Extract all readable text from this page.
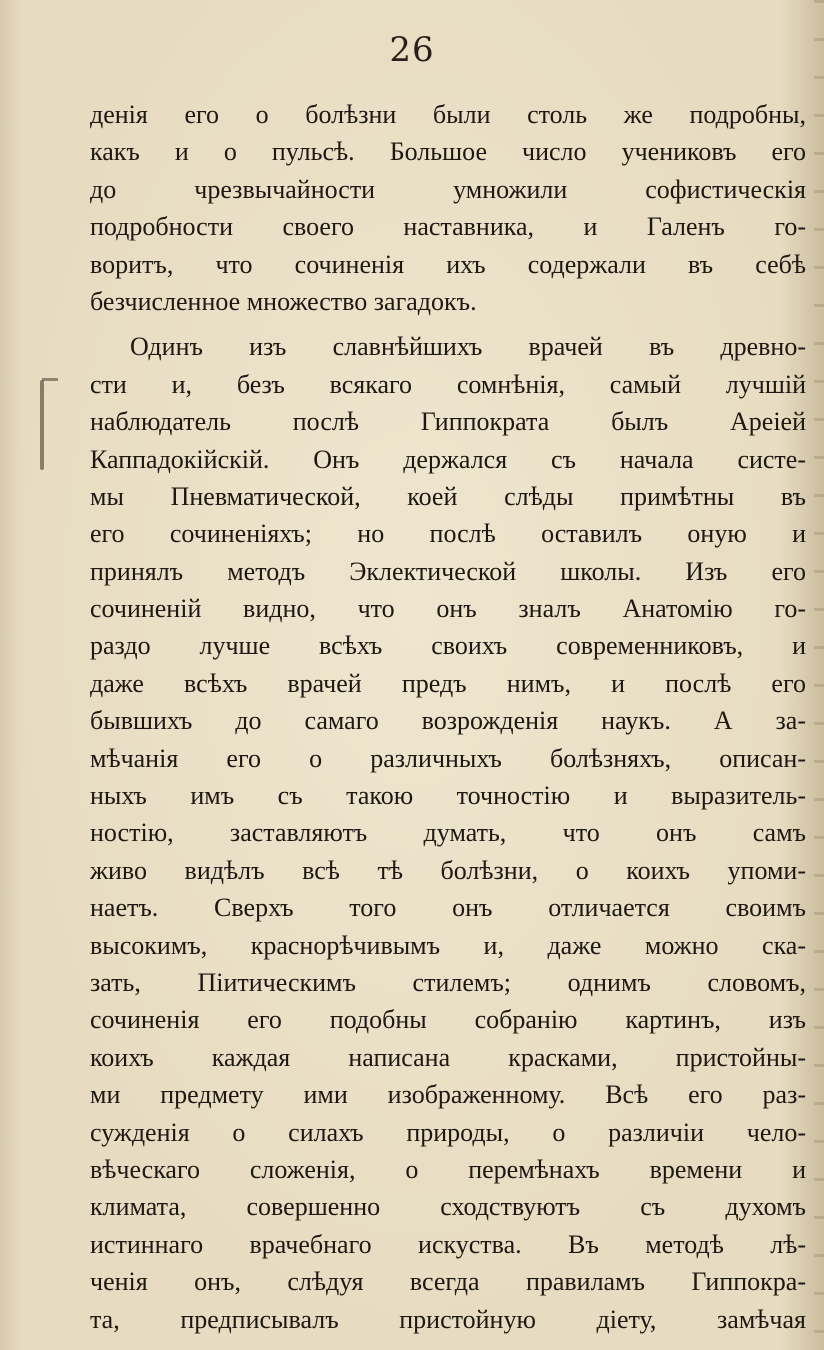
26
денія его о болѣзни были столь же подробны,
какъ и о пульсѣ. Большое число учениковъ его
до чрезвычайности умножили софистическія
подробности своего наставника, и Галенъ го-
воритъ, что сочиненія ихъ содержали въ себѣ
безчисленное множество загадокъ.
Одинъ изъ славнѣйшихъ врачей въ древно-
сти и, безъ всякаго сомнѣнія, самый лучшій
наблюдатель послѣ Гиппократа былъ Ареіей
Каппадокійскій. Онъ держался съ начала систе-
мы Пневматической, коей слѣды примѣтны въ
его сочиненіяхъ; но послѣ оставилъ оную и
принялъ методъ Эклектической школы. Изъ его
сочиненій видно, что онъ зналъ Анатомію го-
раздо лучше всѣхъ своихъ современниковъ, и
даже всѣхъ врачей предъ нимъ, и послѣ его
бывшихъ до самаго возрожденія наукъ. А за-
мѣчанія его о различныхъ болѣзняхъ, описан-
ныхъ имъ съ такою точностію и выразитель-
ностію, заставляютъ думать, что онъ самъ
живо видѣлъ всѣ тѣ болѣзни, о коихъ упоми-
наетъ. Сверхъ того онъ отличается своимъ
высокимъ, краснорѣчивымъ и, даже можно ска-
зать, Піитическимъ стилемъ; однимъ словомъ,
сочиненія его подобны собранію картинъ, изъ
коихъ каждая написана красками, пристойны-
ми предмету ими изображенному. Всѣ его раз-
сужденія о силахъ природы, о различіи чело-
вѣческаго сложенія, о перемѣнахъ времени и
климата, совершенно сходствуютъ съ духомъ
истиннаго врачебнаго искуства. Въ методѣ лѣ-
ченія онъ, слѣдуя всегда правиламъ Гиппокра-
та, предписывалъ пристойную діету, замѣчая
